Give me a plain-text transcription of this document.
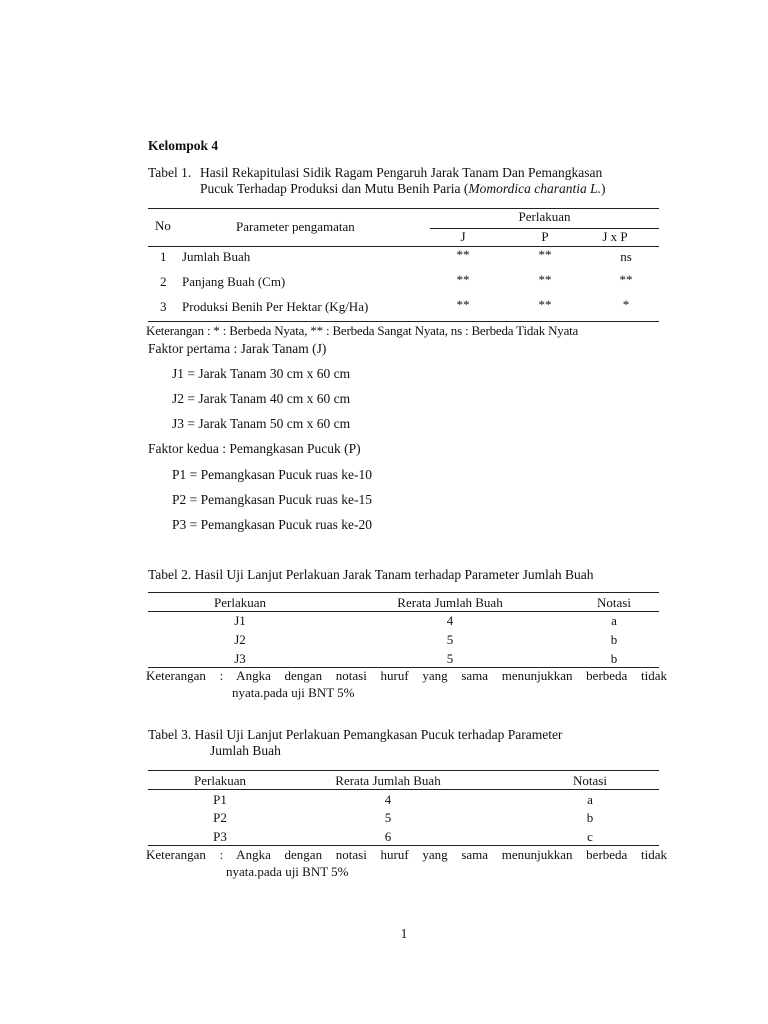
Kelompok 4
Tabel 1. Hasil Rekapitulasi Sidik Ragam Pengaruh Jarak Tanam Dan Pemangkasan
Pucuk Terhadap Produksi dan Mutu Benih Paria (Momordica charantia L.)
No	Parameter pengamatan
Perlakuan
J	P	J x P
1 Jumlah Buah	**	**	ns
2 Panjang Buah (Cm)	**	**	**
3 Produksi Benih Per Hektar (Kg/Ha)	**	**	*
Keterangan : * : Berbeda Nyata, ** : Berbeda Sangat Nyata, ns : Berbeda Tidak Nyata
Faktor pertama : Jarak Tanam (J)
J1 = Jarak Tanam 30 cm x 60 cm
J2 = Jarak Tanam 40 cm x 60 cm
J3 = Jarak Tanam 50 cm x 60 cm
Faktor kedua : Pemangkasan Pucuk (P)
P1 = Pemangkasan Pucuk ruas ke-10
P2 = Pemangkasan Pucuk ruas ke-15
P3 = Pemangkasan Pucuk ruas ke-20
Tabel 2. Hasil Uji Lanjut Perlakuan Jarak Tanam terhadap Parameter Jumlah Buah
Perlakuan	Rerata Jumlah Buah	Notasi
J1	4	a
J2	5	b
J3	5	b
Keterangan : Angka dengan notasi huruf yang sama menunjukkan berbeda tidak
nyata.pada uji BNT 5%
Tabel 3. Hasil Uji Lanjut Perlakuan Pemangkasan Pucuk terhadap Parameter
Jumlah Buah
Perlakuan	Rerata Jumlah Buah	Notasi
P1	4	a
P2	5	b
P3	6	c
Keterangan : Angka dengan notasi huruf yang sama menunjukkan berbeda tidak
nyata.pada uji BNT 5%
1
